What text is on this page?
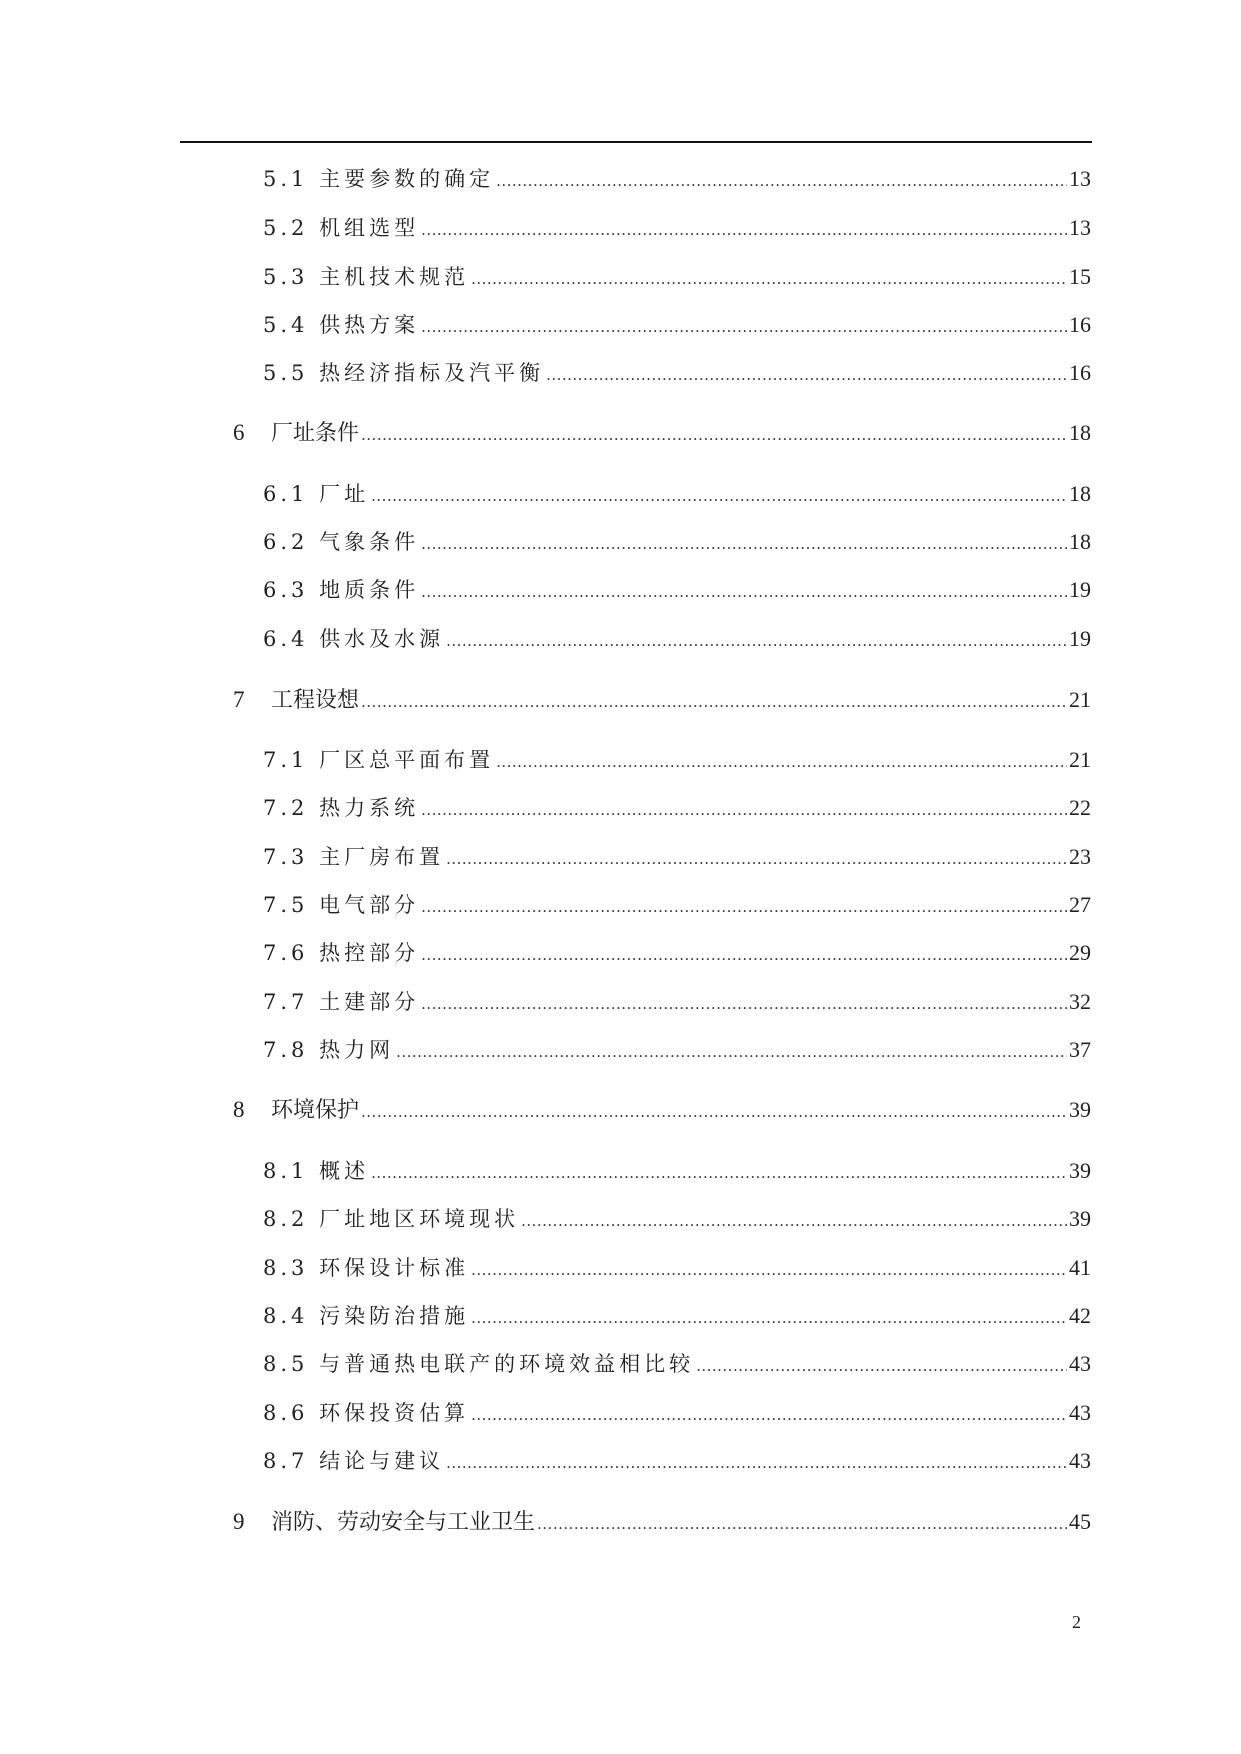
5.1 主要参数的确定 .....	13
5.2 机组选型 .....	13
5.3 主机技术规范 .....	15
5.4 供热方案 .....	16
5.5 热经济指标及汽平衡 .....	16
6	厂址条件 .....	18
6.1 厂址 .....	18
6.2 气象条件 .....	18
6.3 地质条件 .....	19
6.4 供水及水源 .....	19
7	工程设想 .....	21
7.1 厂区总平面布置 .....	21
7.2 热力系统 .....	22
7.3 主厂房布置 .....	23
7.5 电气部分 .....	27
7.6 热控部分 .....	29
7.7 土建部分 .....	32
7.8 热力网 .....	37
8	环境保护 .....	39
8.1 概述 .....	39
8.2 厂址地区环境现状 .....	39
8.3 环保设计标准 .....	41
8.4 污染防治措施 .....	42
8.5 与普通热电联产的环境效益相比较 .....	43
8.6 环保投资估算 .....	43
8.7 结论与建议 .....	43
9	消防、劳动安全与工业卫生 .....	45
2
